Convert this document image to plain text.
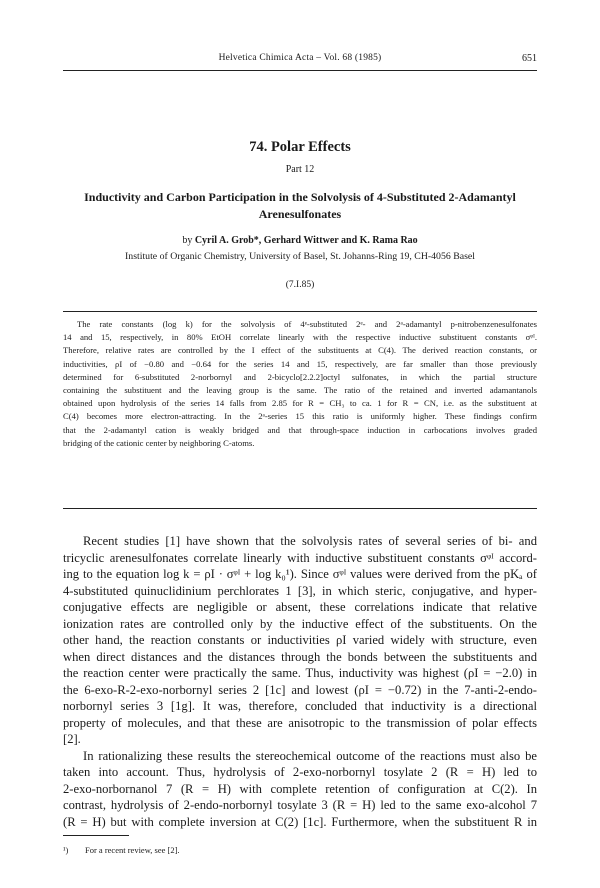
Helvetica Chimica Acta – Vol. 68 (1985)	651
74. Polar Effects
Part 12
Inductivity and Carbon Participation in the Solvolysis of 4-Substituted 2-Adamantyl
Arenesulfonates
by Cyril A. Grob*, Gerhard Wittwer and K. Rama Rao
Institute of Organic Chemistry, University of Basel, St. Johanns-Ring 19, CH-4056 Basel
(7.I.85)
The rate constants (log k) for the solvolysis of 4ᵉ-substituted 2ᵉ- and 2ᵃ-adamantyl p-nitrobenzenesulfonates
14 and 15, respectively, in 80% EtOH correlate linearly with the respective inductive substituent constants σᵠᴵ.
Therefore, relative rates are controlled by the I effect of the substituents at C(4). The derived reaction constants, or
inductivities, ρI of −0.80 and −0.64 for the series 14 and 15, respectively, are far smaller than those previously
determined for 6-substituted 2-norbornyl and 2-bicyclo[2.2.2]octyl sulfonates, in which the partial structure
containing the substituent and the leaving group is the same. The ratio of the retained and inverted adamantanols
obtained upon hydrolysis of the series 14 falls from 2.85 for R = CH₃ to ca. 1 for R = CN, i.e. as the substituent at
C(4) becomes more electron-attracting. In the 2ᵃ-series 15 this ratio is uniformly higher. These findings confirm
that the 2-adamantyl cation is weakly bridged and that through-space induction in carbocations involves graded
bridging of the cationic center by neighboring C-atoms.
Recent studies [1] have shown that the solvolysis rates of several series of bi- and
tricyclic arenesulfonates correlate linearly with inductive substituent constants σᵠᴵ accord-
ing to the equation log k = ρI · σᵠᴵ + log k₀¹). Since σᵠᴵ values were derived from the pKₐ of
4-substituted quinuclidinium perchlorates 1 [3], in which steric, conjugative, and hyper-
conjugative effects are negligible or absent, these correlations indicate that relative
ionization rates are controlled only by the inductive effect of the substituents. On the
other hand, the reaction constants or inductivities ρI varied widely with structure, even
when direct distances and the distances through the bonds between the substituents and
the reaction center were practically the same. Thus, inductivity was highest (ρI = −2.0) in
the 6-exo-R-2-exo-norbornyl series 2 [1c] and lowest (ρI = −0.72) in the 7-anti-2-endo-
norbornyl series 3 [1g]. It was, therefore, concluded that inductivity is a directional
property of molecules, and that these are anisotropic to the transmission of polar effects
[2].
In rationalizing these results the stereochemical outcome of the reactions must also be
taken into account. Thus, hydrolysis of 2-exo-norbornyl tosylate 2 (R = H) led to
2-exo-norbornanol 7 (R = H) with complete retention of configuration at C(2). In
contrast, hydrolysis of 2-endo-norbornyl tosylate 3 (R = H) led to the same exo-alcohol 7
(R = H) but with complete inversion at C(2) [1c]. Furthermore, when the substituent R in
¹) For a recent review, see [2].
